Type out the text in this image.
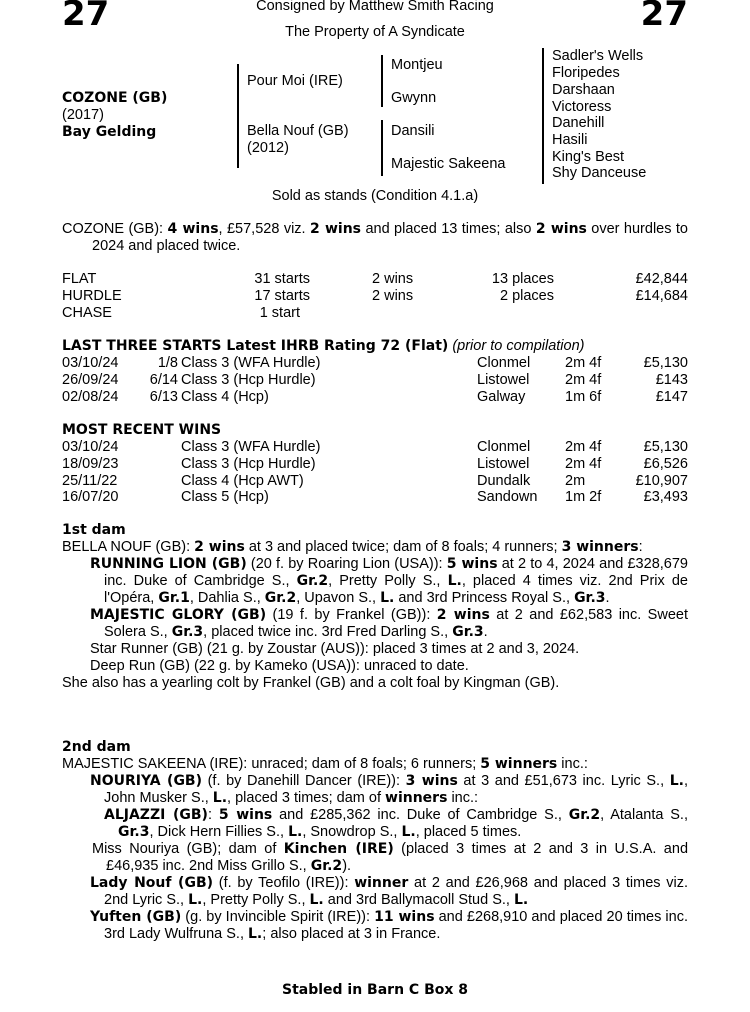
27	27
Consigned by Matthew Smith Racing
The Property of A Syndicate
COZONE (GB)
(2017)
Bay Gelding
Pour Moi (IRE)
Bella Nouf (GB)
(2012)
Montjeu
Gwynn
Dansili
Majestic Sakeena
Sadler's Wells
Floripedes
Darshaan
Victoress
Danehill
Hasili
King's Best
Shy Danceuse
Sold as stands (Condition 4.1.a)

COZONE (GB): 4 wins, £57,528 viz. 2 wins and placed 13 times; also 2 wins over hurdles to 2024 and placed twice.

FLAT	31 starts	2 wins	13 places	£42,844
HURDLE	17 starts	2 wins	2 places	£14,684
CHASE	1 start
LAST THREE STARTS Latest IHRB Rating 72 (Flat) (prior to compilation)
03/10/24	1/8 Class 3 (WFA Hurdle)	Clonmel 2m 4f	£5,130
26/09/24	6/14 Class 3 (Hcp Hurdle)	Listowel 2m 4f	£143
02/08/24	6/13 Class 4 (Hcp)	Galway	1m 6f	£147
MOST RECENT WINS
03/10/24	Class 3 (WFA Hurdle)	Clonmel 2m 4f	£5,130
18/09/23	Class 3 (Hcp Hurdle)	Listowel 2m 4f	£6,526
25/11/22	Class 4 (Hcp AWT)	Dundalk 2m	£10,907
16/07/20	Class 5 (Hcp)	Sandown 1m 2f	£3,493
1st dam

BELLA NOUF (GB): 2 wins at 3 and placed twice; dam of 8 foals; 4 runners; 3 winners:

RUNNING LION (GB) (20 f. by Roaring Lion (USA)): 5 wins at 2 to 4, 2024 and £328,679 inc. Duke of Cambridge S., Gr.2, Pretty Polly S., L., placed 4 times viz. 2nd Prix de l'Opéra, Gr.1, Dahlia S., Gr.2, Upavon S., L. and 3rd Princess Royal S., Gr.3.

MAJESTIC GLORY (GB) (19 f. by Frankel (GB)): 2 wins at 2 and £62,583 inc. Sweet Solera S., Gr.3, placed twice inc. 3rd Fred Darling S., Gr.3.

Star Runner (GB) (21 g. by Zoustar (AUS)): placed 3 times at 2 and 3, 2024.

Deep Run (GB) (22 g. by Kameko (USA)): unraced to date.

She also has a yearling colt by Frankel (GB) and a colt foal by Kingman (GB).

2nd dam

MAJESTIC SAKEENA (IRE): unraced; dam of 8 foals; 6 runners; 5 winners inc.:

NOURIYA (GB) (f. by Danehill Dancer (IRE)): 3 wins at 3 and £51,673 inc. Lyric S., L., John Musker S., L., placed 3 times; dam of winners inc.:

ALJAZZI (GB): 5 wins and £285,362 inc. Duke of Cambridge S., Gr.2, Atalanta S., Gr.3, Dick Hern Fillies S., L., Snowdrop S., L., placed 5 times.

Miss Nouriya (GB); dam of Kinchen (IRE) (placed 3 times at 2 and 3 in U.S.A. and £46,935 inc. 2nd Miss Grillo S., Gr.2).

Lady Nouf (GB) (f. by Teofilo (IRE)): winner at 2 and £26,968 and placed 3 times viz. 2nd Lyric S., L., Pretty Polly S., L. and 3rd Ballymacoll Stud S., L.

Yuften (GB) (g. by Invincible Spirit (IRE)): 11 wins and £268,910 and placed 20 times inc. 3rd Lady Wulfruna S., L.; also placed at 3 in France.

Stabled in Barn C Box 8
